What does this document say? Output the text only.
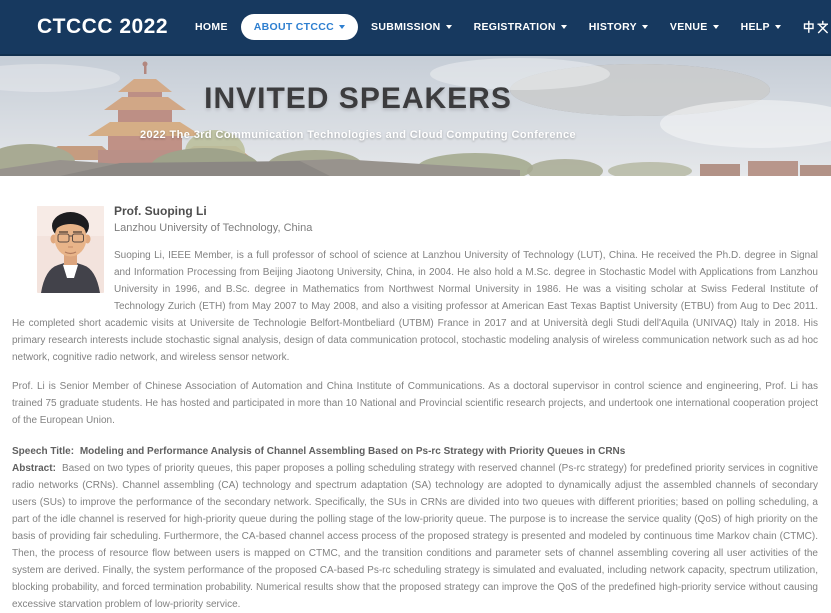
CTCCC 2022	HOME ABOUT CTCCC	SUBMISSION	REGISTRATION	HISTORY	VENUE	HELP
INVITED SPEAKERS

2022 The 3rd Communication Technologies and Cloud Computing Conference

Prof. Suoping Li
Lanzhou University of Technology, China

Suoping Li, IEEE Member, is a full professor of school of science at Lanzhou University of Technology (LUT), China. He received the Ph.D. degree in Signal and Information Processing from Beijing Jiaotong University, China, in 2004. He also hold a M.Sc. degree in Stochastic Model with Applications from Lanzhou University in 1996, and B.Sc. degree in Mathematics from Northwest Normal University in 1986. He was a visiting scholar at Swiss Federal Institute of Technology Zurich (ETH) from May 2007 to May 2008, and also a visiting professor at American East Texas Baptist University (ETBU) from Aug to Dec 2011. He completed short academic visits at Universite de Technologie Belfort-Montbeliard (UTBM) France in 2017 and at Università degli Studi dell'Aquila (UNIVAQ) Italy in 2018. His primary research interests include stochastic signal analysis, design of data communication protocol, stochastic modeling analysis of wireless communication network such as ad hoc network, cognitive radio network, and wireless sensor network.

Prof. Li is Senior Member of Chinese Association of Automation and China Institute of Communications. As a doctoral supervisor in control science and engineering, Prof. Li has trained 75 graduate students. He has hosted and participated in more than 10 National and Provincial scientific research projects, and undertook one international cooperation project of the European Union.

Speech Title: Modeling and Performance Analysis of Channel Assembling Based on Ps-rc Strategy with Priority Queues in CRNs

Abstract: Based on two types of priority queues, this paper proposes a polling scheduling strategy with reserved channel (Ps-rc strategy) for predefined priority services in cognitive radio networks (CRNs). Channel assembling (CA) technology and spectrum adaptation (SA) technology are adopted to dynamically adjust the assembled channels of secondary users (SUs) to improve the performance of the secondary network. Specifically, the SUs in CRNs are divided into two queues with different priorities; based on polling scheduling, a part of the idle channel is reserved for high-priority queue during the polling stage of the low-priority queue. The purpose is to increase the service quality (QoS) of high priority on the basis of providing fair scheduling. Furthermore, the CA-based channel access process of the proposed strategy is presented and modeled by continuous time Markov chain (CTMC). Then, the process of resource flow between users is mapped on CTMC, and the transition conditions and parameter sets of channel assembling covering all user activities of the system are derived. Finally, the system performance of the proposed CA-based Ps-rc scheduling strategy is simulated and evaluated, including network capacity, spectrum utilization, blocking probability, and forced termination probability. Numerical results show that the proposed strategy can improve the QoS of the predefined high-priority service without causing excessive starvation problem of low-priority service.
